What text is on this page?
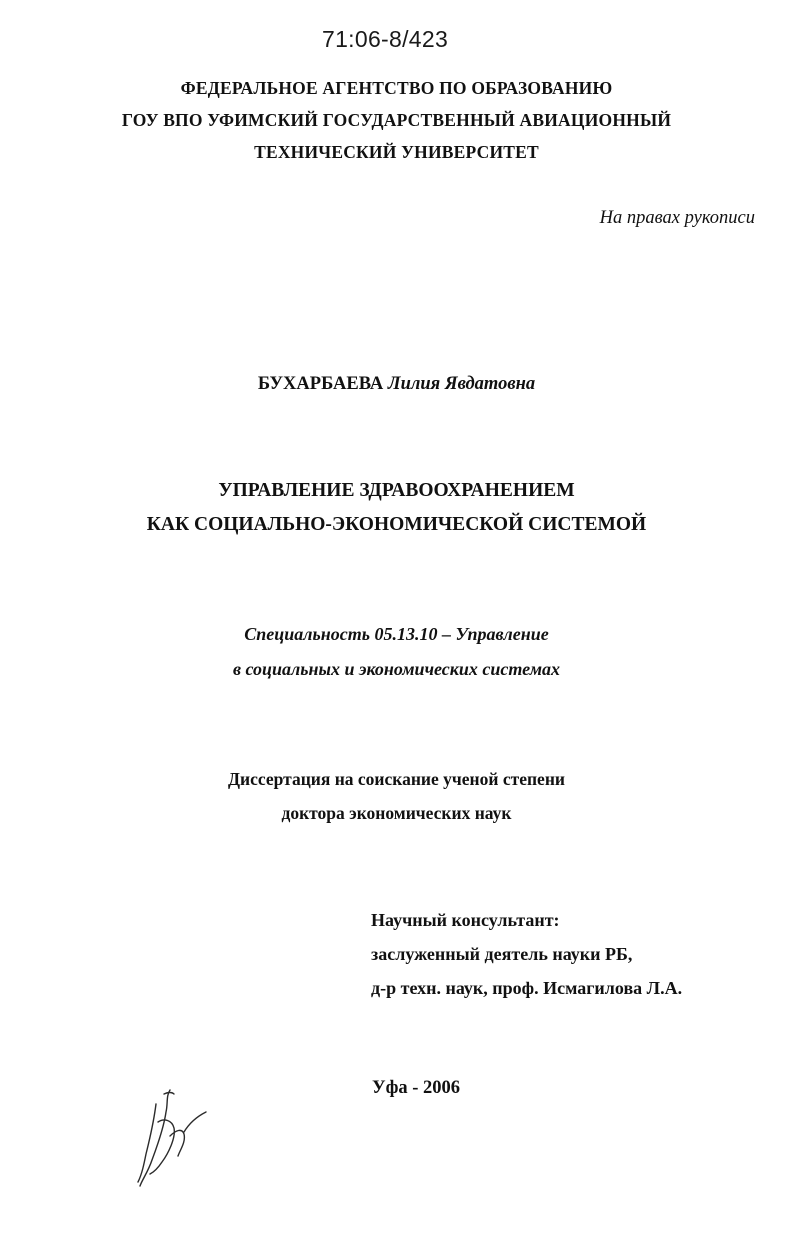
71:06-8/423
ФЕДЕРАЛЬНОЕ АГЕНТСТВО ПО ОБРАЗОВАНИЮ
ГОУ ВПО УФИМСКИЙ ГОСУДАРСТВЕННЫЙ АВИАЦИОННЫЙ
ТЕХНИЧЕСКИЙ УНИВЕРСИТЕТ
На правах рукописи
БУХАРБАЕВА Лилия Явдатовна
УПРАВЛЕНИЕ ЗДРАВООХРАНЕНИЕМ
КАК СОЦИАЛЬНО-ЭКОНОМИЧЕСКОЙ СИСТЕМОЙ
Специальность 05.13.10 – Управление
в социальных и экономических системах
Диссертация на соискание ученой степени
доктора экономических наук
Научный консультант:
заслуженный деятель науки РБ,
д-р техн. наук, проф. Исмагилова Л.А.
Уфа - 2006
